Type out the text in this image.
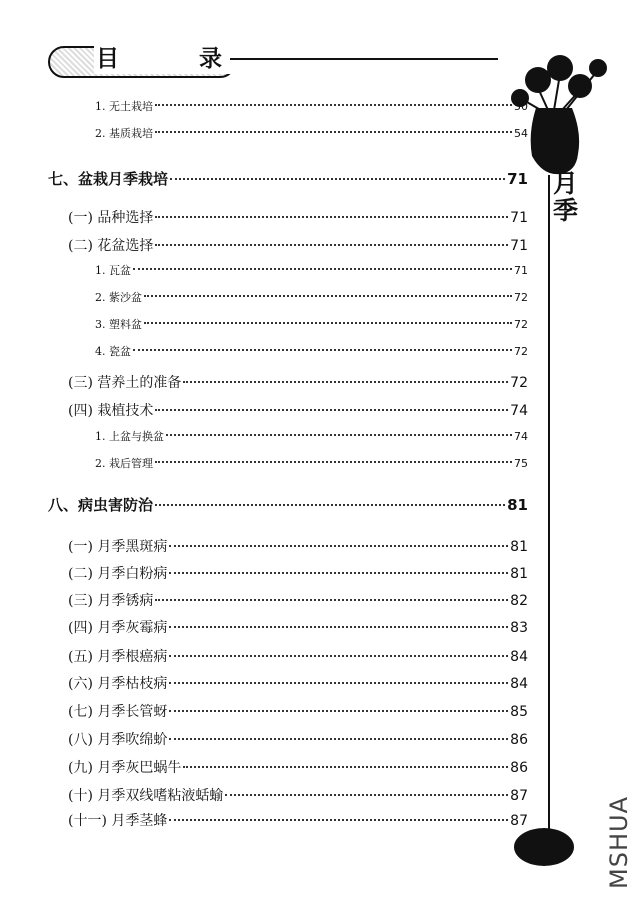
目 录
月季
MSHUA
1. 无土栽培	50
2. 基质栽培	54
七、盆栽月季栽培	71
(一) 品种选择	71
(二) 花盆选择	71
1. 瓦盆	71
2. 紫沙盆	72
3. 塑料盆	72
4. 瓷盆	72
(三) 营养土的准备	72
(四) 栽植技术	74
1. 上盆与换盆	74
2. 栽后管理	75
八、病虫害防治	81
(一) 月季黑斑病	81
(二) 月季白粉病	81
(三) 月季锈病	82
(四) 月季灰霉病	83
(五) 月季根癌病	84
(六) 月季枯枝病	84
(七) 月季长管蚜	85
(八) 月季吹绵蚧	86
(九) 月季灰巴蜗牛	86
(十) 月季双线嗜粘液蛞蝓	87
(十一) 月季茎蜂	87
